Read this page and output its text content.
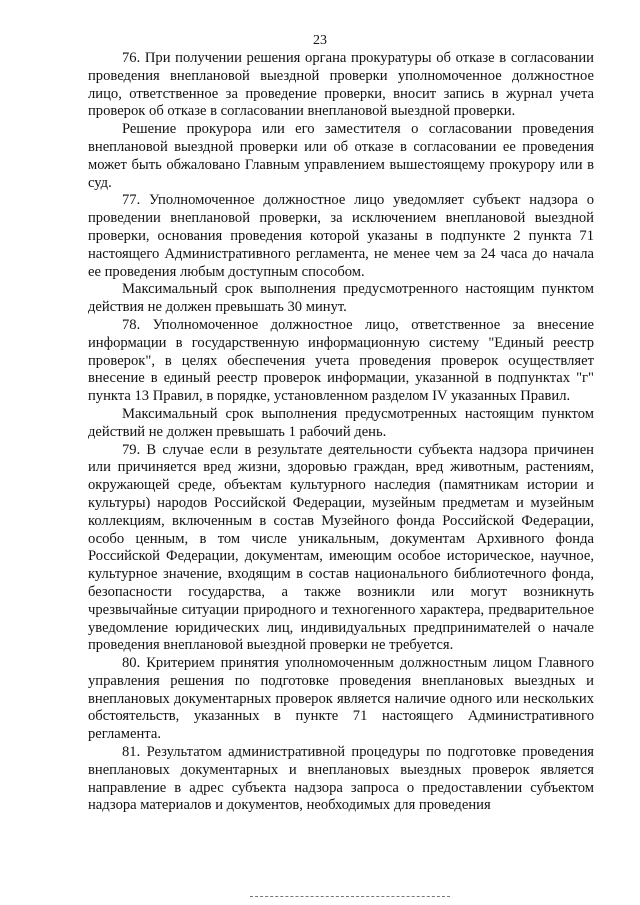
23

76. При получении решения органа прокуратуры об отказе в согласовании проведения внеплановой выездной проверки уполномоченное должностное лицо, ответственное за проведение проверки, вносит запись в журнал учета проверок об отказе в согласовании внеплановой выездной проверки.

Решение прокурора или его заместителя о согласовании проведения внеплановой выездной проверки или об отказе в согласовании ее проведения может быть обжаловано Главным управлением вышестоящему прокурору или в суд.

77. Уполномоченное должностное лицо уведомляет субъект надзора о проведении внеплановой проверки, за исключением внеплановой выездной проверки, основания проведения которой указаны в подпункте 2 пункта 71 настоящего Административного регламента, не менее чем за 24 часа до начала ее проведения любым доступным способом.

Максимальный срок выполнения предусмотренного настоящим пунктом действия не должен превышать 30 минут.

78. Уполномоченное должностное лицо, ответственное за внесение информации в государственную информационную систему "Единый реестр проверок", в целях обеспечения учета проведения проверок осуществляет внесение в единый реестр проверок информации, указанной в подпунктах "г" пункта 13 Правил, в порядке, установленном разделом IV указанных Правил.

Максимальный срок выполнения предусмотренных настоящим пунктом действий не должен превышать 1 рабочий день.

79. В случае если в результате деятельности субъекта надзора причинен или причиняется вред жизни, здоровью граждан, вред животным, растениям, окружающей среде, объектам культурного наследия (памятникам истории и культуры) народов Российской Федерации, музейным предметам и музейным коллекциям, включенным в состав Музейного фонда Российской Федерации, особо ценным, в том числе уникальным, документам Архивного фонда Российской Федерации, документам, имеющим особое историческое, научное, культурное значение, входящим в состав национального библиотечного фонда, безопасности государства, а также возникли или могут возникнуть чрезвычайные ситуации природного и техногенного характера, предварительное уведомление юридических лиц, индивидуальных предпринимателей о начале проведения внеплановой выездной проверки не требуется.

80. Критерием принятия уполномоченным должностным лицом Главного управления решения по подготовке проведения внеплановых выездных и внеплановых документарных проверок является наличие одного или нескольких обстоятельств, указанных в пункте 71 настоящего Административного регламента.

81. Результатом административной процедуры по подготовке проведения внеплановых документарных и внеплановых выездных проверок является направление в адрес субъекта надзора запроса о предоставлении субъектом надзора материалов и документов, необходимых для проведения
